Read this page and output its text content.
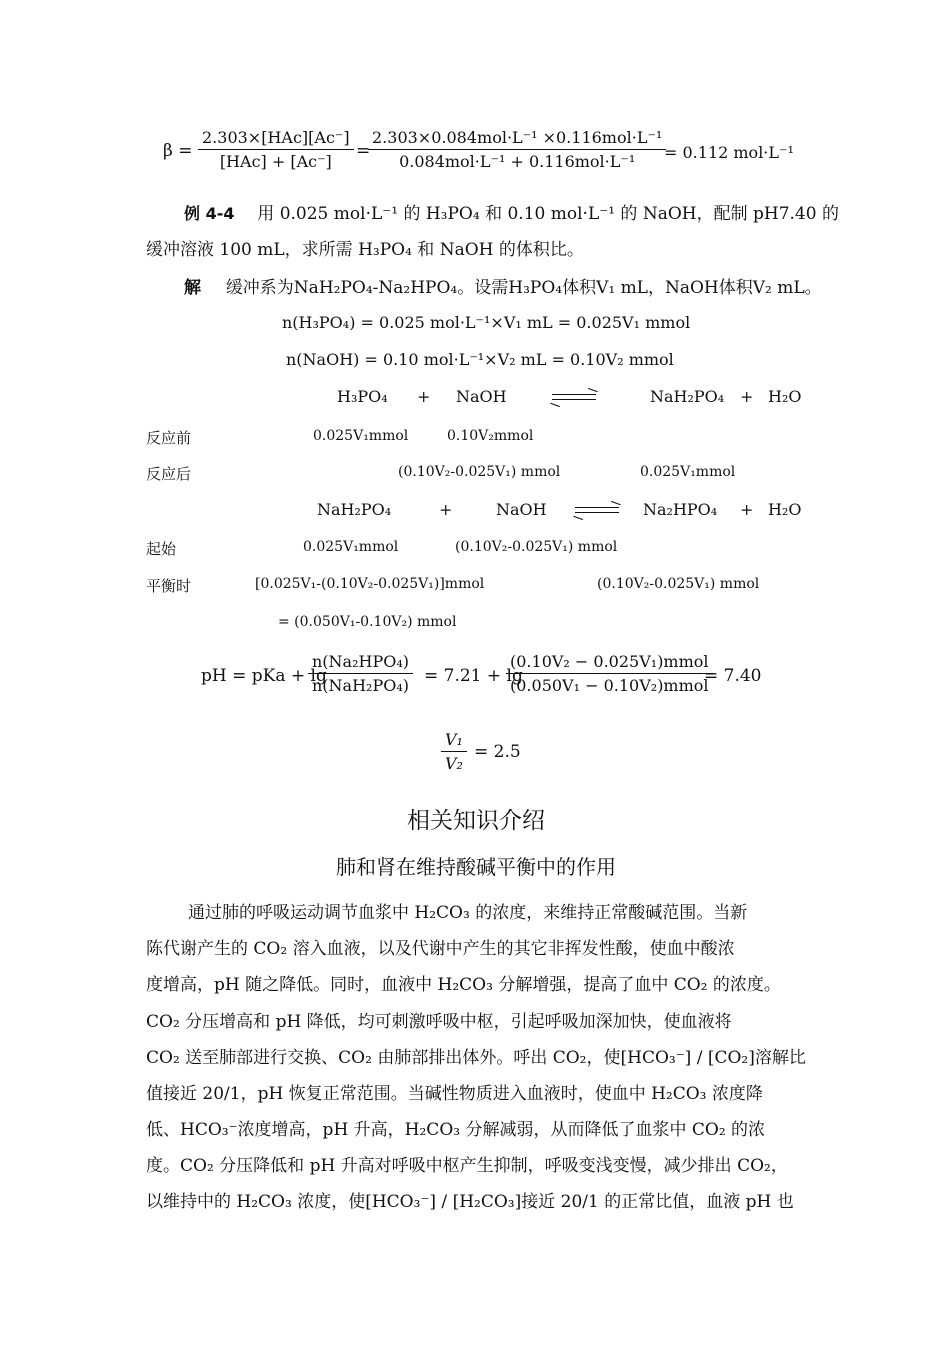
β =
2.303×[HAc][Ac⁻]
[HAc] + [Ac⁻]
=
2.303×0.084mol·L⁻¹ ×0.116mol·L⁻¹
0.084mol·L⁻¹ + 0.116mol·L⁻¹ = 0.112 mol·L⁻¹
例 4-4 用 0.025 mol·L⁻¹ 的 H₃PO₄ 和 0.10 mol·L⁻¹ 的 NaOH，配制 pH7.40 的
缓冲溶液 100 mL，求所需 H₃PO₄ 和 NaOH 的体积比。
解 缓冲系为NaH₂PO₄-Na₂HPO₄。设需H₃PO₄体积V₁ mL，NaOH体积V₂ mL。
n(H₃PO₄) = 0.025 mol·L⁻¹×V₁ mL = 0.025V₁ mmol
n(NaOH) = 0.10 mol·L⁻¹×V₂ mL = 0.10V₂ mmol
H₃PO₄ + NaOH	NaH₂PO₄ + H₂O
反应前	0.025V₁mmol	0.10V₂mmol
反应后	(0.10V₂-0.025V₁) mmol	0.025V₁mmol
NaH₂PO₄	+	NaOH → Na₂HPO₄ + H₂O
起始	0.025V₁mmol	(0.10V₂-0.025V₁) mmol
平衡时	[0.025V₁-(0.10V₂-0.025V₁)]mmol	(0.10V₂-0.025V₁) mmol
= (0.050V₁-0.10V₂) mmol
pH = pKa + lg
n(Na₂HPO₄)
n(NaH₂PO₄) = 7.21 + lg
(0.10V₂ − 0.025V₁)mmol
(0.050V₁ − 0.10V₂)mmol
= 7.40
V₁
V₂
= 2.5
相关知识介绍
肺和肾在维持酸碱平衡中的作用
通过肺的呼吸运动调节血浆中 H₂CO₃ 的浓度，来维持正常酸碱范围。当新
陈代谢产生的 CO₂ 溶入血液，以及代谢中产生的其它非挥发性酸，使血中酸浓
度增高，pH 随之降低。同时，血液中 H₂CO₃ 分解增强，提高了血中 CO₂ 的浓度。
CO₂ 分压增高和 pH 降低，均可刺激呼吸中枢，引起呼吸加深加快，使血液将
CO₂ 送至肺部进行交换、CO₂ 由肺部排出体外。呼出 CO₂，使[HCO₃⁻] / [CO₂]溶解比
值接近 20/1，pH 恢复正常范围。当碱性物质进入血液时，使血中 H₂CO₃ 浓度降
低、HCO₃⁻浓度增高，pH 升高，H₂CO₃ 分解减弱，从而降低了血浆中 CO₂ 的浓
度。CO₂ 分压降低和 pH 升高对呼吸中枢产生抑制，呼吸变浅变慢，减少排出 CO₂，
以维持中的 H₂CO₃ 浓度，使[HCO₃⁻] / [H₂CO₃]接近 20/1 的正常比值，血液 pH 也
